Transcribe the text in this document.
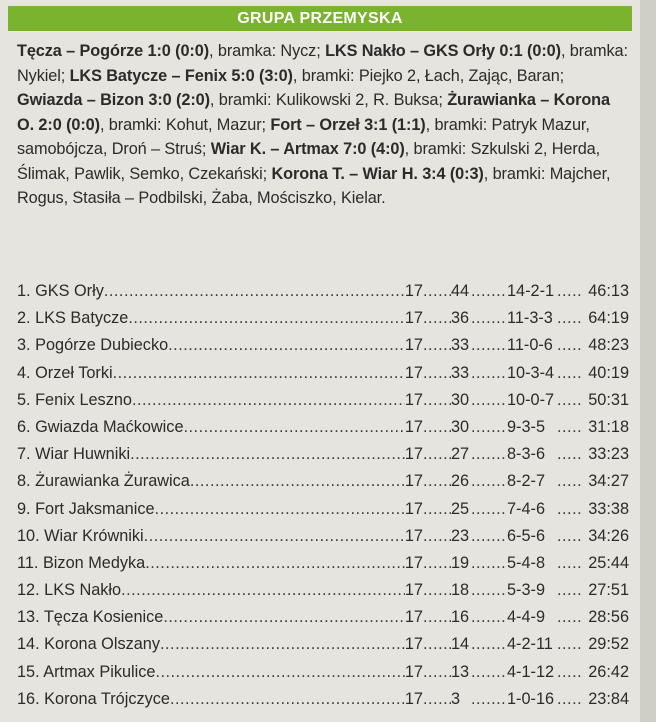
GRUPA PRZEMYSKA
Tęcza – Pogórze 1:0 (0:0), bramka: Nycz; LKS Nakło – GKS Orły 0:1 (0:0), bramka: Nykiel; LKS Batycze – Fenix 5:0 (3:0), bramki: Piejko 2, Łach, Zając, Baran; Gwiazda – Bizon 3:0 (2:0), bramki: Kulikowski 2, R. Buksa; Żurawianka – Korona O. 2:0 (0:0), bramki: Kohut, Mazur; Fort – Orzeł 3:1 (1:1), bramki: Patryk Mazur, samobójcza, Droń – Struś; Wiar K. – Artmax 7:0 (4:0), bramki: Szkulski 2, Herda, Ślimak, Pawlik, Semko, Czekański; Korona T. – Wiar H. 3:4 (0:3), bramki: Majcher, Rogus, Stasiła – Podbilski, Żaba, Mościszko, Kielar.
1. GKS Orły .....	17 ..... 44 ..... 14-2-1 .....	46:13
2. LKS Batycze .....	17 ..... 36 ..... 11-3-3 .....	64:19
3. Pogórze Dubiecko .....	17 ..... 33 ..... 11-0-6 .....	48:23
4. Orzeł Torki .....	17 ..... 33 ..... 10-3-4 .....	40:19
5. Fenix Leszno .....	17 ..... 30 ..... 10-0-7 .....	50:31
6. Gwiazda Maćkowice .....	17 ..... 30 ..... 9-3-5 .....	31:18
7. Wiar Huwniki .....	17 ..... 27 ..... 8-3-6 .....	33:23
8. Żurawianka Żurawica .....	17 ..... 26 ..... 8-2-7 .....	34:27
9. Fort Jaksmanice .....	17 ..... 25 ..... 7-4-6 .....	33:38
10. Wiar Krówniki .....	17 ..... 23 ..... 6-5-6 .....	34:26
11. Bizon Medyka .....	17 ..... 19 ..... 5-4-8 .....	25:44
12. LKS Nakło .....	17 ..... 18 ..... 5-3-9 .....	27:51
13. Tęcza Kosienice .....	17 ..... 16 ..... 4-4-9 .....	28:56
14. Korona Olszany .....	17 ..... 14 ..... 4-2-11 .....	29:52
15. Artmax Pikulice .....	17 ..... 13 ..... 4-1-12 .....	26:42
16. Korona Trójczyce .....	17 ..... 3 .....	1-0-16 .....	23:84
